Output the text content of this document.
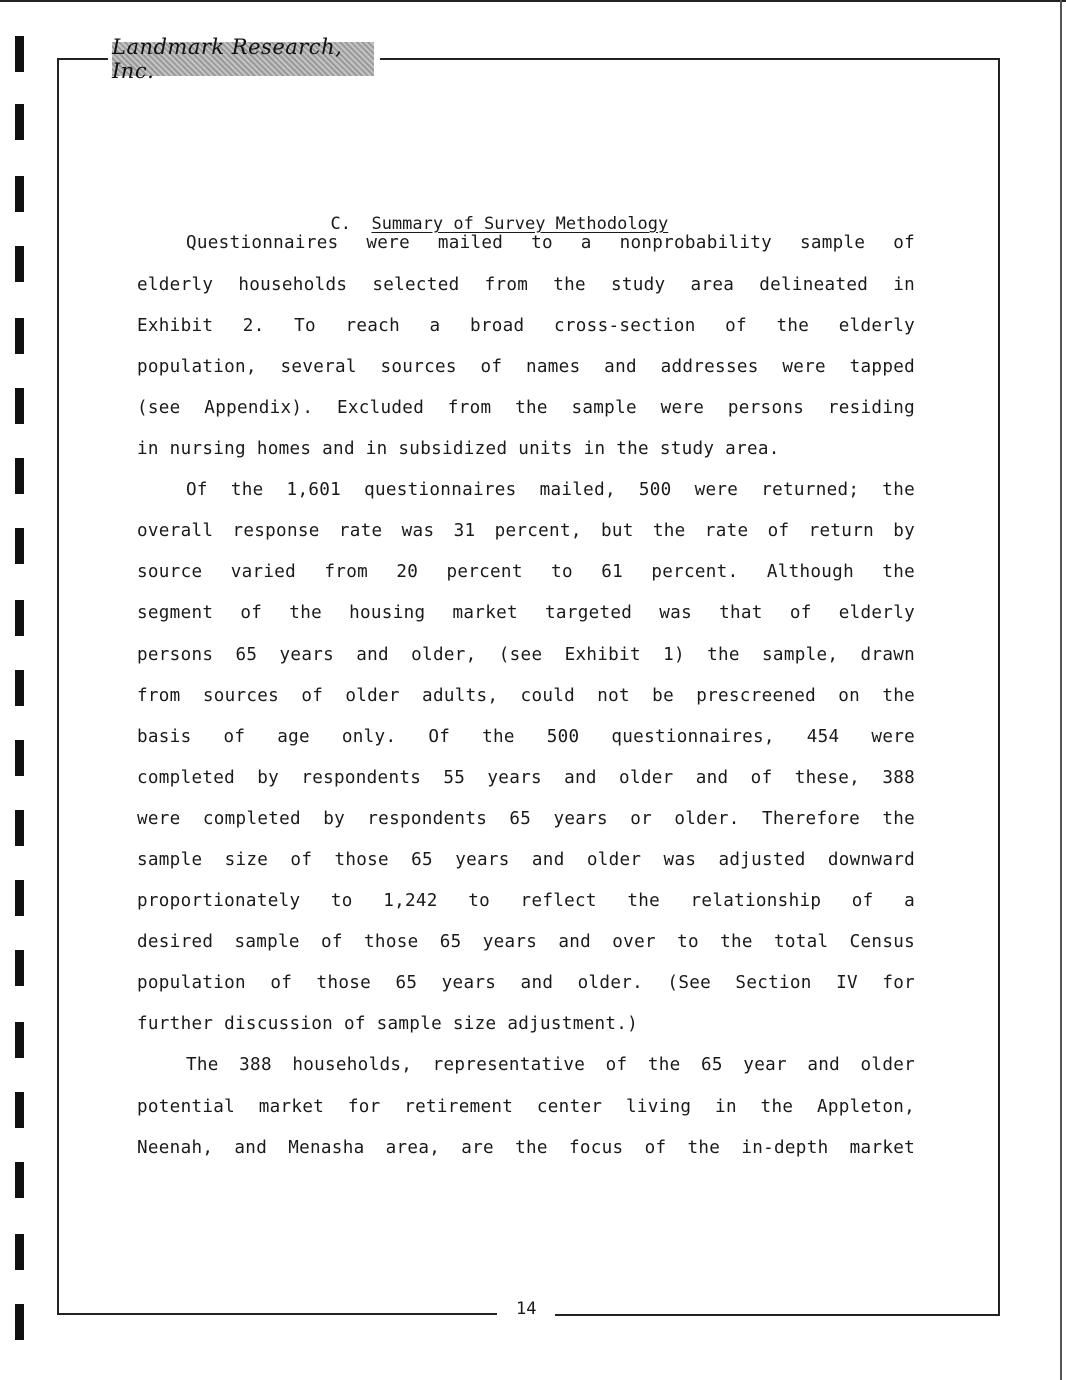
Landmark Research, Inc.

C. Summary of Survey Methodology

Questionnaires were mailed to a nonprobability sample of
elderly households selected from the study area delineated in
Exhibit 2. To reach a broad cross-section of the elderly
population, several sources of names and addresses were tapped
(see Appendix). Excluded from the sample were persons residing
in nursing homes and in subsidized units in the study area.
Of the 1,601 questionnaires mailed, 500 were returned; the
overall response rate was 31 percent, but the rate of return by
source varied from 20 percent to 61 percent. Although the
segment of the housing market targeted was that of elderly
persons 65 years and older, (see Exhibit 1) the sample, drawn
from sources of older adults, could not be prescreened on the
basis of age only. Of the 500 questionnaires, 454 were
completed by respondents 55 years and older and of these, 388
were completed by respondents 65 years or older. Therefore the
sample size of those 65 years and older was adjusted downward
proportionately to 1,242 to reflect the relationship of a
desired sample of those 65 years and over to the total Census
population of those 65 years and older. (See Section IV for
further discussion of sample size adjustment.)
The 388 households, representative of the 65 year and older
potential market for retirement center living in the Appleton,
Neenah, and Menasha area, are the focus of the in-depth market
14
